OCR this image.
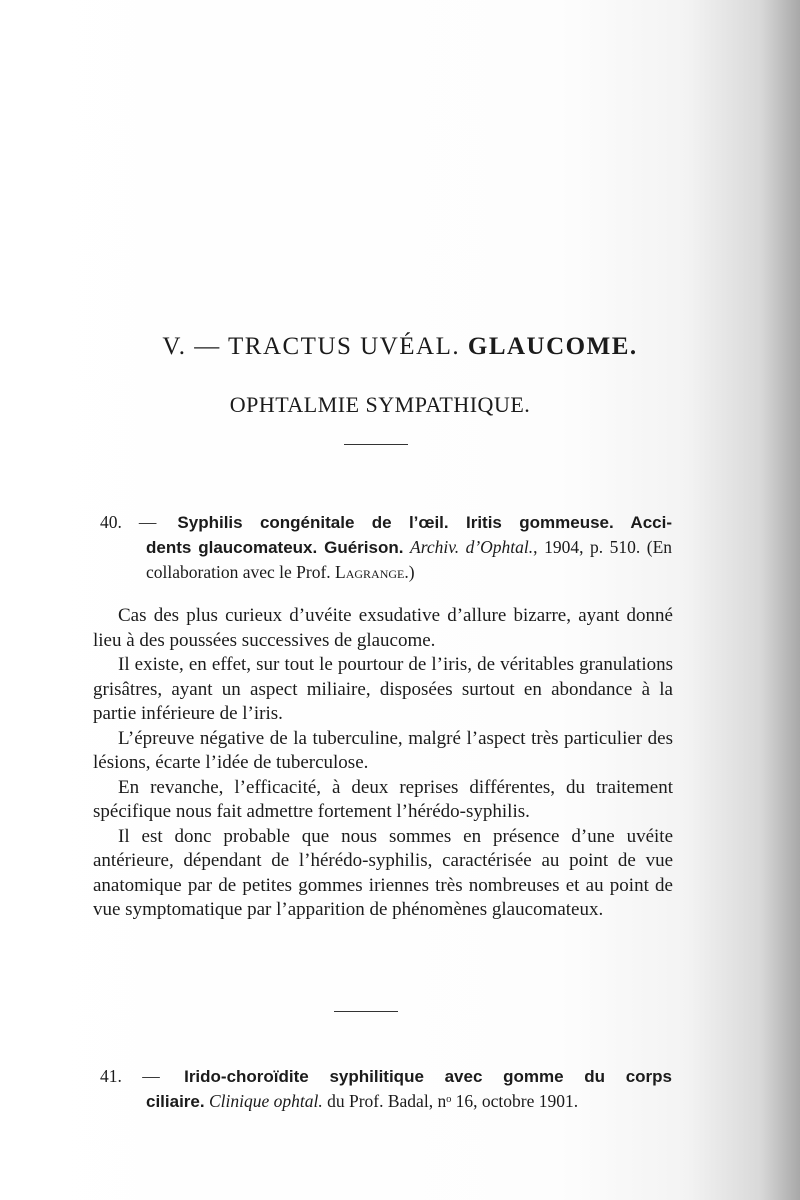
V. — TRACTUS UVÉAL. GLAUCOME.
OPHTALMIE SYMPATHIQUE.
40. — Syphilis congénitale de l’œil. Iritis gommeuse. Acci-
dents glaucomateux. Guérison. Archiv. d’Ophtal., 1904, p. 510. (En collaboration avec le Prof. Lagrange.)

Cas des plus curieux d’uvéite exsudative d’allure bizarre, ayant donné lieu à des poussées successives de glaucome.

Il existe, en effet, sur tout le pourtour de l’iris, de véritables granulations grisâtres, ayant un aspect miliaire, disposées surtout en abondance à la partie inférieure de l’iris.

L’épreuve négative de la tuberculine, malgré l’aspect très particulier des lésions, écarte l’idée de tuberculose.

En revanche, l’efficacité, à deux reprises différentes, du traitement spécifique nous fait admettre fortement l’hérédo-syphilis.

Il est donc probable que nous sommes en présence d’une uvéite antérieure, dépendant de l’hérédo-syphilis, caractérisée au point de vue anatomique par de petites gommes iriennes très nombreuses et au point de vue symptomatique par l’apparition de phénomènes glaucomateux.

41. — Irido-choroïdite syphilitique avec gomme du corps
ciliaire. Clinique ophtal. du Prof. Badal, nᵒ 16, octobre 1901.
